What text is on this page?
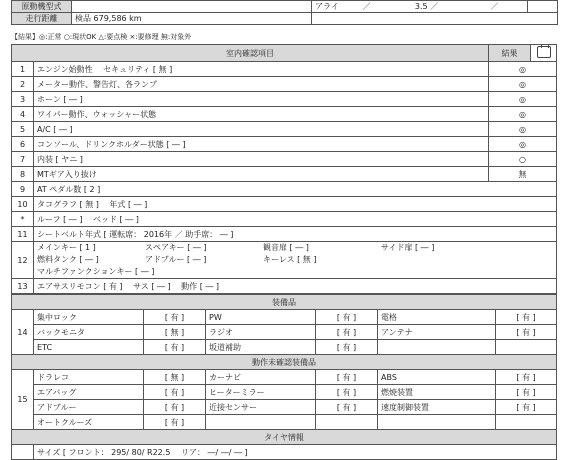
原動機型式		アライ	／	3.5 ／	／	
走行距離	検品 679,586 km					
【結果】◎:正常 ○:現状OK △:要点検 ×:要修理 無:対象外
室内確認項目		結果	
1	エンジン始動性　 セキュリティ [ 無 ]	◎	
2	メーター動作、警告灯、各ランプ	◎	
3	ホーン [ ― ]	◎	
4	ワイパー動作、ウォッシャー状態	◎	
5	A/C [ ― ]	◎	
6	コンソール、ドリンクホルダー状態 [ ― ]	◎	
7	内装 [ ヤニ ]	○	
8	MTギア入り抜け	無	
9	AT ペダル数 [ 2 ]		
10	タコグラフ [ 無 ]　 年式 [ ― ]		
*	ルーフ [ ― ]　 ベッド [ ― ]		
11	シートベルト年式 [ 運転席： 2016年 ／ 助手席： ― ]		
12	メインキー [ 1 ] スペアキー [ ― ] 観音扉 [ ― ] サイド扉 [ ― ]
燃料タンク [ ― ] アドブルー [ ― ] キーレス [ 無 ]
マルチファンクションキー [ ― ]		

13	エアサスリモコン [ 有 ]　 サス [ ― ]　 動作 [ ― ]		
装備品						
14	集中ロック	[ 有 ]	PW	[ 有 ]	電格	[ 有 ]
	バックモニタ	[ 無 ]	ラジオ	[ 有 ]	アンテナ	[ 有 ]
	ETC	[ 有 ]	坂道補助	[ 有 ]		
動作未確認装備品						
15	ドラレコ	[ 無 ]	カーナビ	[ 有 ]	ABS	[ 有 ]
	エアバッグ	[ 有 ]	ヒーターミラー	[ 有 ]	燃焼装置	[ 有 ]
	アドブルー	[ 有 ]	近接センサー	[ 有 ]	速度制御装置	[ 有 ]
	オートクルーズ	[ 有 ]				
タイヤ情報						
	サイズ [ フロント： 295/ 80/ R22.5　 リア： ―/ ―/ ― ]					
